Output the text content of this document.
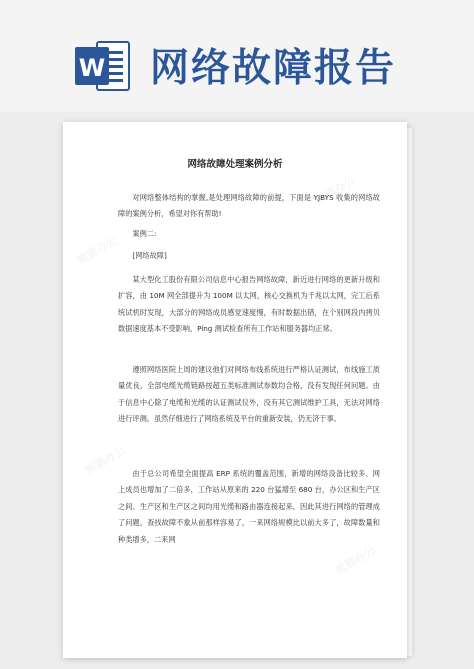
W 网络故障报告
熊猫办公
熊猫办公
熊猫办公
熊猫办公
网络故障处理案例分析
对网络整体结构的掌握,是处理网络故障的前提，下面是 YJBYS 收集的网络故障的案例分析，希望对你有帮助!
案例二:
[网络故障]
某大型化工股份有限公司信息中心报告网络故障，新近进行网络的更新升级和扩容，由 10M 网全部提升为 100M 以太网，核心交换机为千兆以太网，完工后系统试机时发现，大部分的网络成员感觉速度慢，有时数据出错，在个别网段内拷贝数据速度基本不受影响，Ping 测试检查所有工作站和服务器均正常。
遵照网络医院上周的建议他们对网络布线系统进行严格认证测试，布线施工质量优良，全部电缆光缆链路按超五类标准测试参数均合格，没有发现任何问题。由于信息中心除了电缆和光缆的认证测试仪外，没有其它测试维护工具，无法对网络进行评测。虽然仔细进行了网络系统及平台的重新安装，仍无济于事。
由于总公司希望全面提高 ERP 系统的覆盖范围，新增的网络设备比较多、网上成员也增加了二倍多，工作站从原来的 220 台猛增至 680 台，办公区和生产区之间、生产区和生产区之间均用光缆和路由器连接起来，因此其进行网络的管理成了问题，查找故障不象从前那样容易了，一来网络规模比以前大多了，故障数量和种类增多，二来网
